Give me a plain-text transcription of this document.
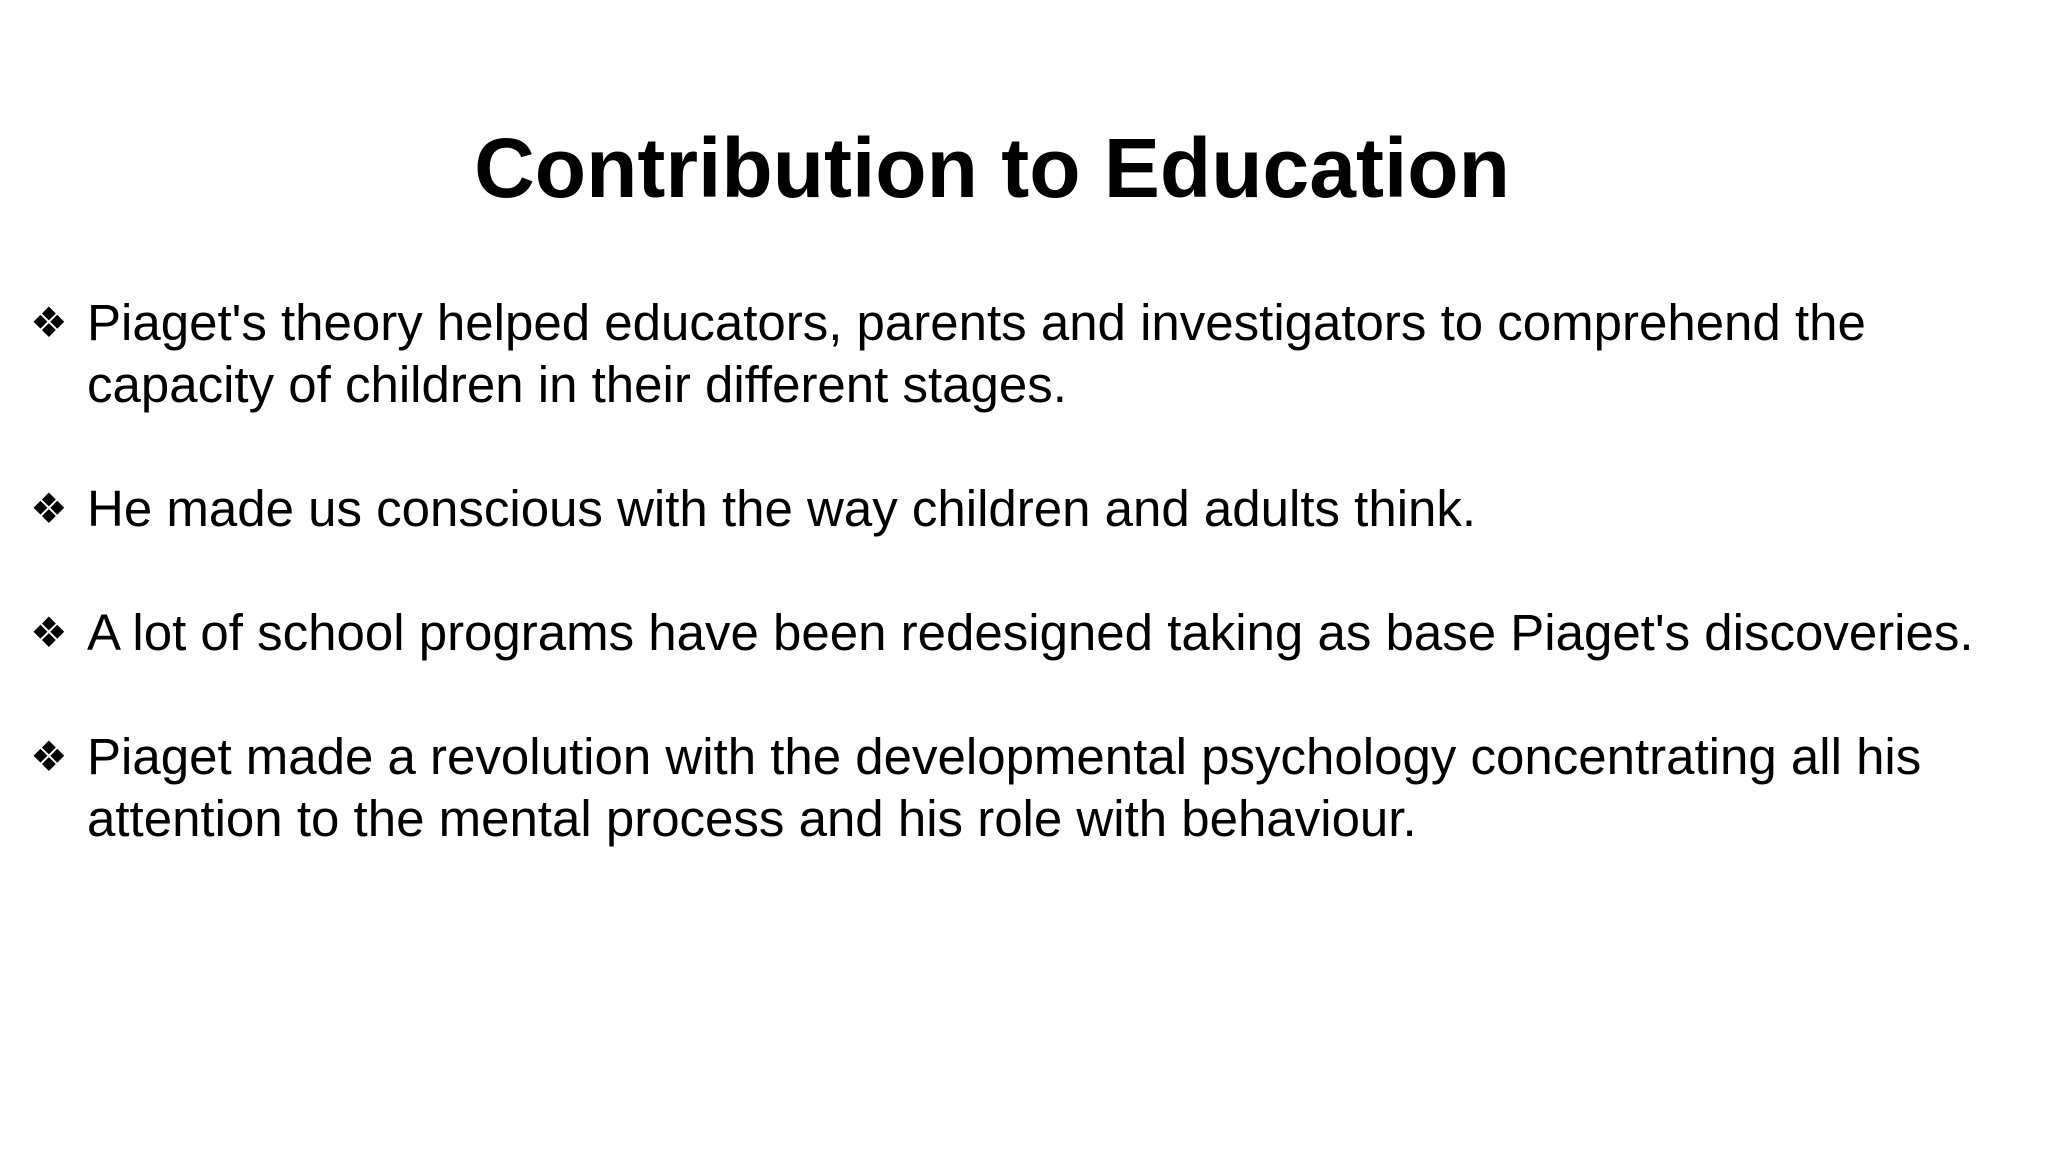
Contribution to Education
❖ Piaget's theory helped educators, parents and investigators to comprehend the capacity of children in their different stages.
❖ He made us conscious with the way children and adults think.
❖ A lot of school programs have been redesigned taking as base Piaget's discoveries.
❖ Piaget made a revolution with the developmental psychology concentrating all his attention to the mental process and his role with behaviour.
